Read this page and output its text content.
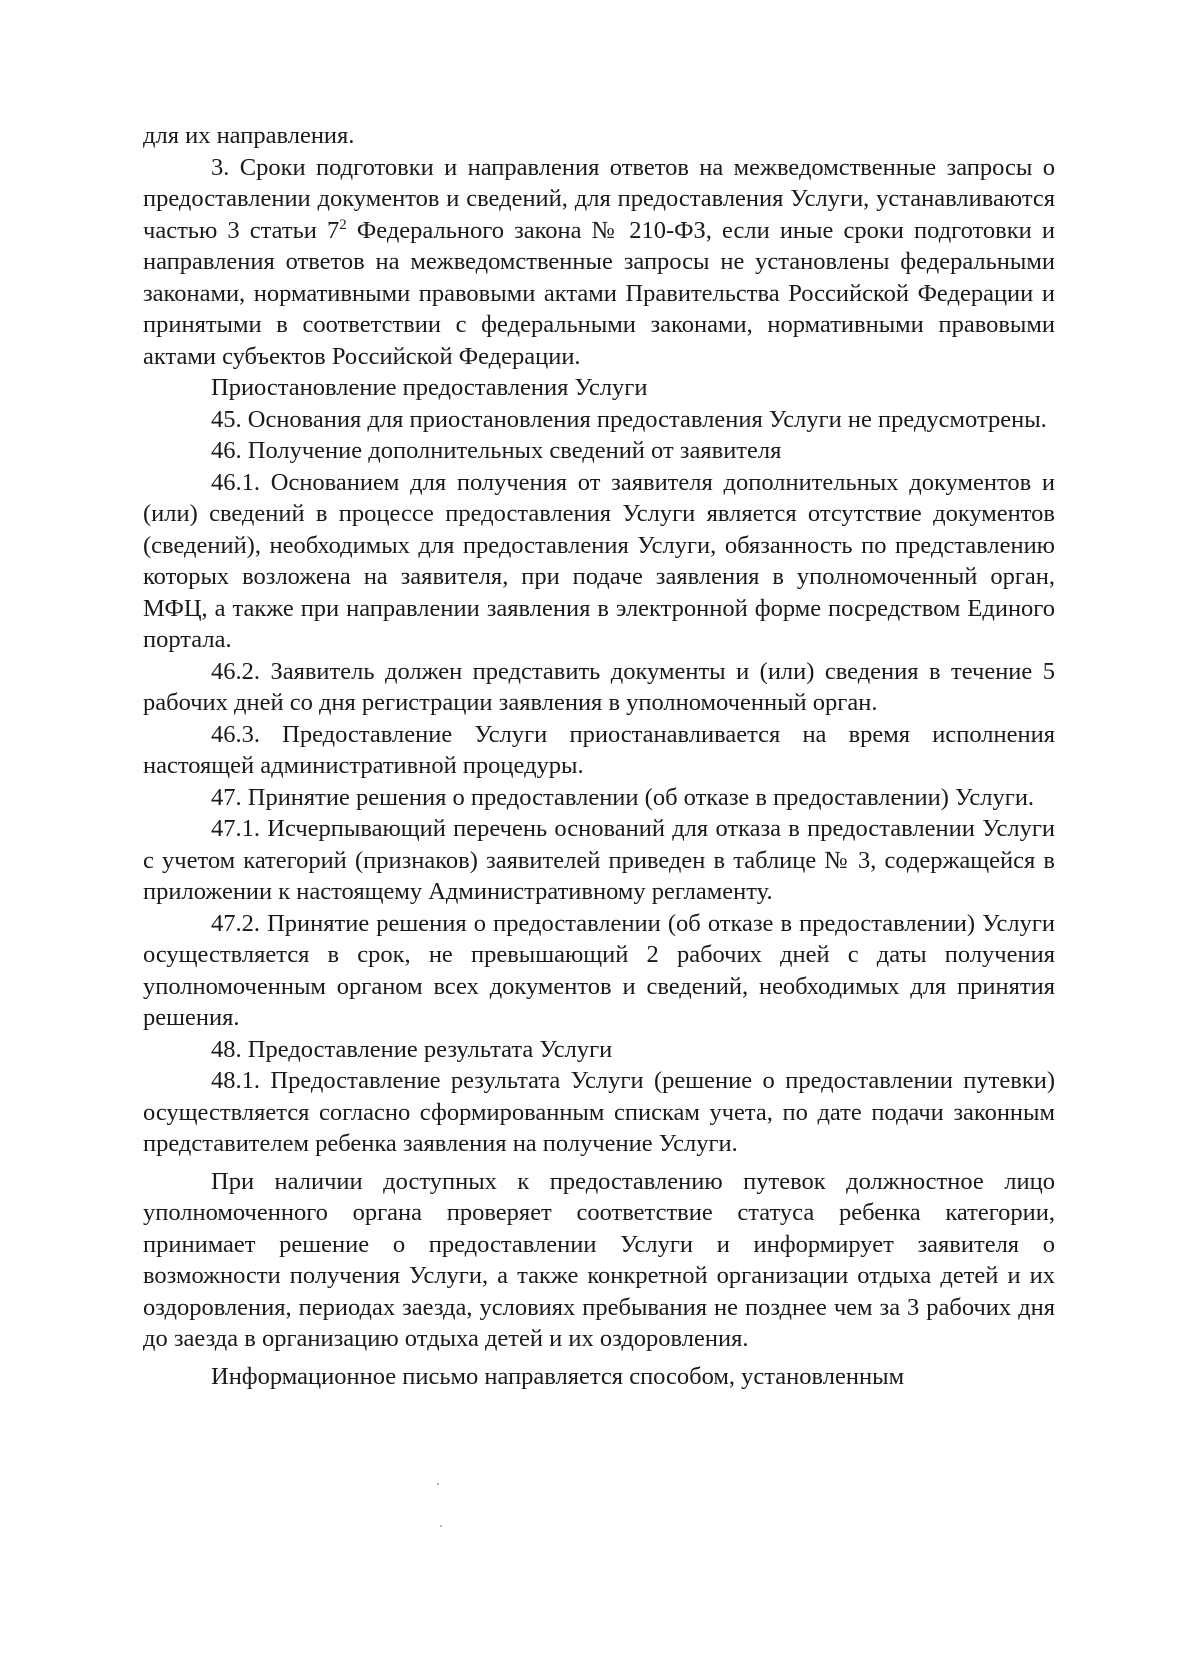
для их направления.

3. Сроки подготовки и направления ответов на межведомственные запросы о предоставлении документов и сведений, для предоставления Услуги, устанавливаются частью 3 статьи $7^2$ Федерального закона № 210-ФЗ, если иные сроки подготовки и направления ответов на межведомственные запросы не установлены федеральными законами, нормативными правовыми актами Правительства Российской Федерации и принятыми в соответствии с федеральными законами, нормативными правовыми актами субъектов Российской Федерации.

Приостановление предоставления Услуги

45. Основания для приостановления предоставления Услуги не предусмотрены.

46. Получение дополнительных сведений от заявителя

46.1. Основанием для получения от заявителя дополнительных документов и (или) сведений в процессе предоставления Услуги является отсутствие документов (сведений), необходимых для предоставления Услуги, обязанность по представлению которых возложена на заявителя, при подаче заявления в уполномоченный орган, МФЦ, а также при направлении заявления в электронной форме посредством Единого портала.

46.2. Заявитель должен представить документы и (или) сведения в течение 5 рабочих дней со дня регистрации заявления в уполномоченный орган.

46.3. Предоставление Услуги приостанавливается на время исполнения настоящей административной процедуры.

47. Принятие решения о предоставлении (об отказе в предоставлении) Услуги.

47.1. Исчерпывающий перечень оснований для отказа в предоставлении Услуги с учетом категорий (признаков) заявителей приведен в таблице № 3, содержащейся в приложении к настоящему Административному регламенту.

47.2. Принятие решения о предоставлении (об отказе в предоставлении) Услуги осуществляется в срок, не превышающий 2 рабочих дней с даты получения уполномоченным органом всех документов и сведений, необходимых для принятия решения.

48. Предоставление результата Услуги

48.1. Предоставление результата Услуги (решение о предоставлении путевки) осуществляется согласно сформированным спискам учета, по дате подачи законным представителем ребенка заявления на получение Услуги.

При наличии доступных к предоставлению путевок должностное лицо уполномоченного органа проверяет соответствие статуса ребенка категории, принимает решение о предоставлении Услуги и информирует заявителя о возможности получения Услуги, а также конкретной организации отдыха детей и их оздоровления, периодах заезда, условиях пребывания не позднее чем за 3 рабочих дня до заезда в организацию отдыха детей и их оздоровления.

Информационное письмо направляется способом, установленным
